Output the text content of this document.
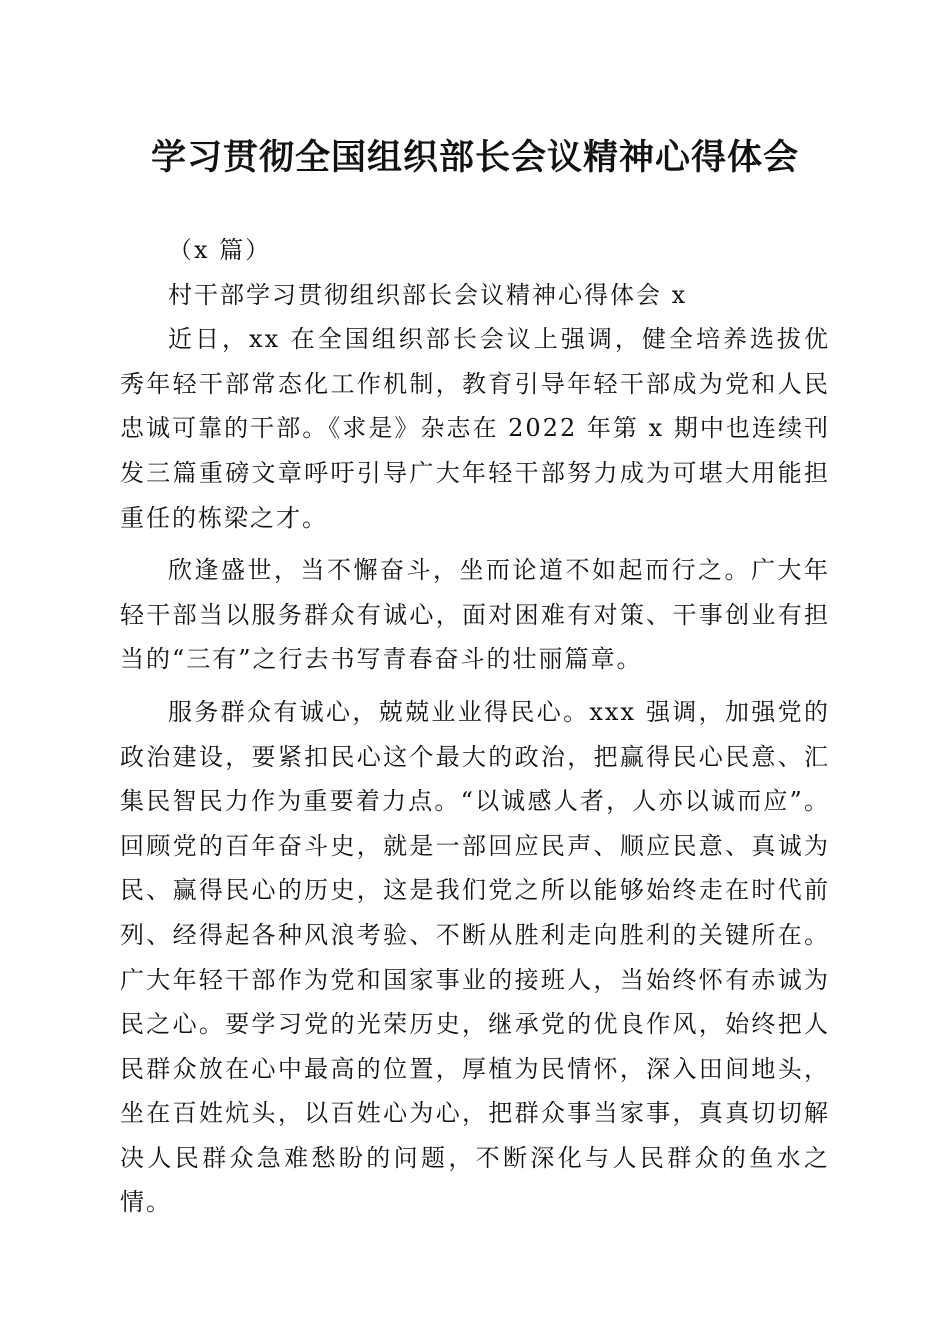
学习贯彻全国组织部长会议精神心得体会

（x 篇）

村干部学习贯彻组织部长会议精神心得体会 x

近日，xx 在全国组织部长会议上强调，健全培养选拔优秀年轻干部常态化工作机制，教育引导年轻干部成为党和人民忠诚可靠的干部。《求是》杂志在 2022 年第 x 期中也连续刊发三篇重磅文章呼吁引导广大年轻干部努力成为可堪大用能担重任的栋梁之才。

欣逢盛世，当不懈奋斗，坐而论道不如起而行之。广大年轻干部当以服务群众有诚心，面对困难有对策、干事创业有担当的“三有”之行去书写青春奋斗的壮丽篇章。

服务群众有诚心，兢兢业业得民心。xxx 强调，加强党的政治建设，要紧扣民心这个最大的政治，把赢得民心民意、汇集民智民力作为重要着力点。“以诚感人者，人亦以诚而应”。回顾党的百年奋斗史，就是一部回应民声、顺应民意、真诚为民、赢得民心的历史，这是我们党之所以能够始终走在时代前列、经得起各种风浪考验、不断从胜利走向胜利的关键所在。广大年轻干部作为党和国家事业的接班人，当始终怀有赤诚为民之心。要学习党的光荣历史，继承党的优良作风，始终把人民群众放在心中最高的位置，厚植为民情怀，深入田间地头，坐在百姓炕头，以百姓心为心，把群众事当家事，真真切切解决人民群众急难愁盼的问题，不断深化与人民群众的鱼水之情。
